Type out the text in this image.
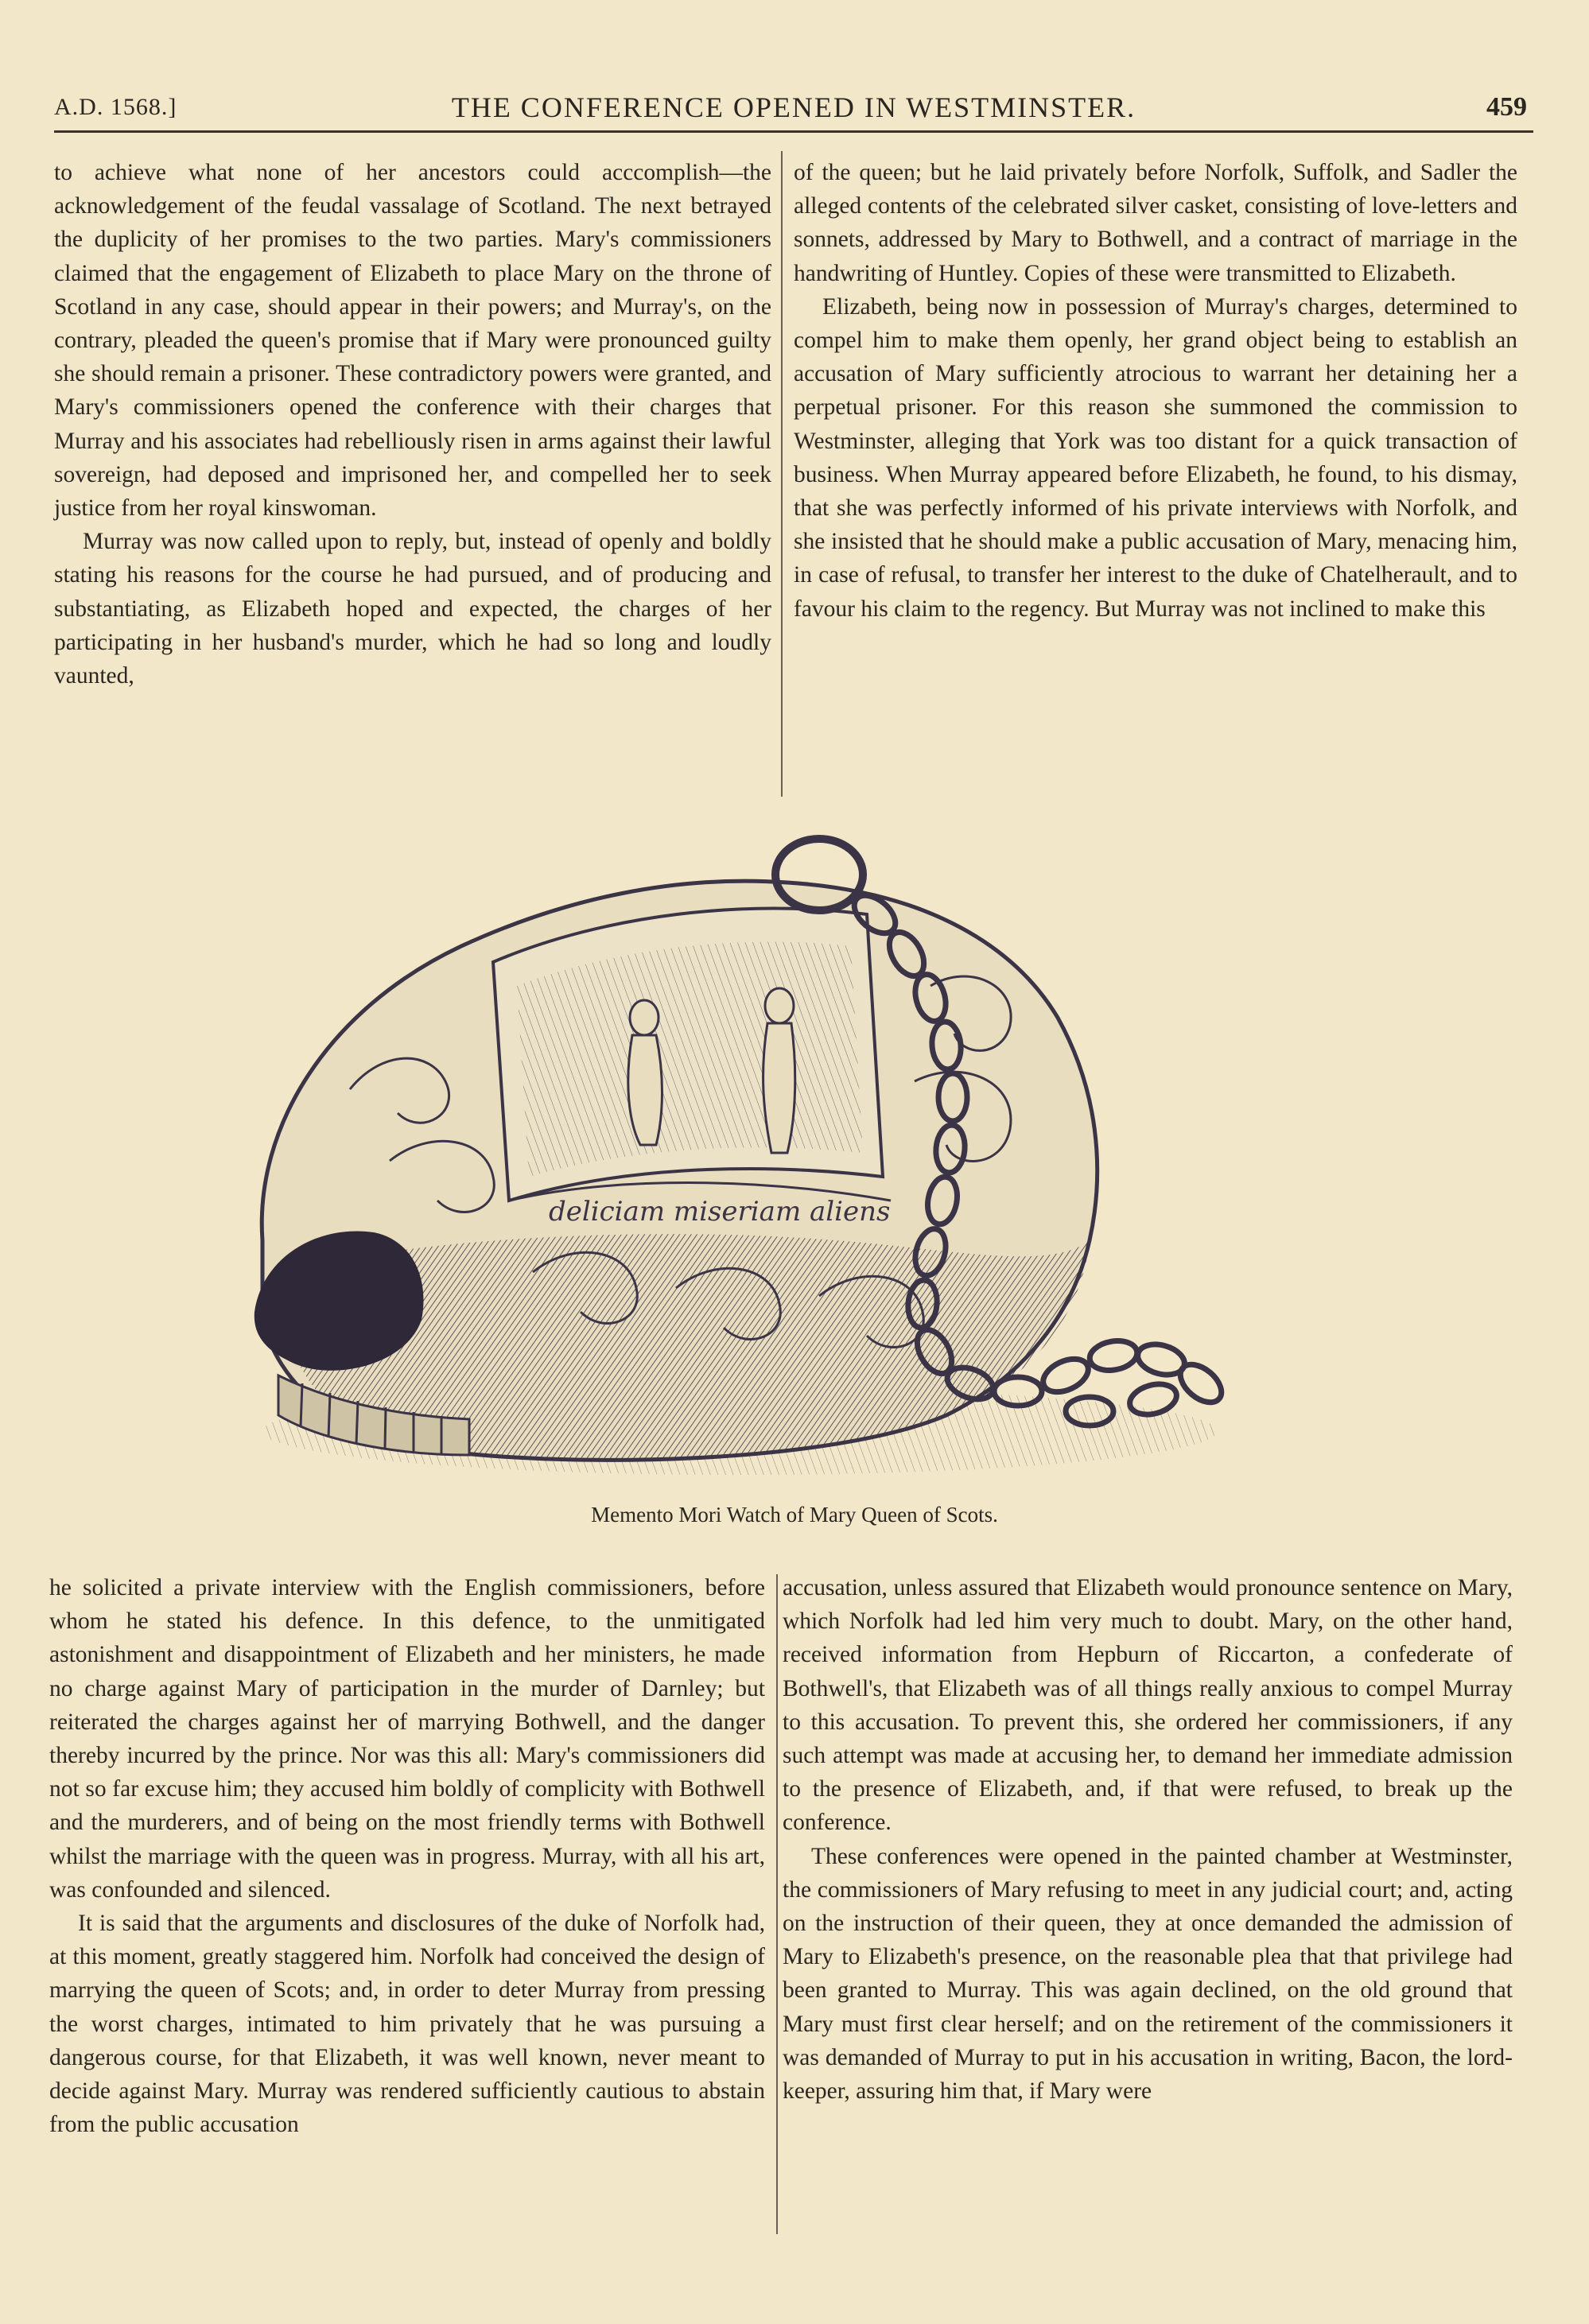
A.D. 1568.]	THE CONFERENCE OPENED IN WESTMINSTER.	459

to achieve what none of her ancestors could acccomplish—the acknowledgement of the feudal vassalage of Scotland. The next betrayed the duplicity of her promises to the two parties. Mary's commissioners claimed that the engagement of Elizabeth to place Mary on the throne of Scotland in any case, should appear in their powers; and Murray's, on the contrary, pleaded the queen's promise that if Mary were pronounced guilty she should remain a prisoner. These contradictory powers were granted, and Mary's commissioners opened the conference with their charges that Murray and his associates had rebelliously risen in arms against their lawful sovereign, had deposed and imprisoned her, and compelled her to seek justice from her royal kinswoman.

Murray was now called upon to reply, but, instead of openly and boldly stating his reasons for the course he had pursued, and of producing and substantiating, as Elizabeth hoped and expected, the charges of her participating in her husband's murder, which he had so long and loudly vaunted,

of the queen; but he laid privately before Norfolk, Suffolk, and Sadler the alleged contents of the celebrated silver casket, consisting of love-letters and sonnets, addressed by Mary to Bothwell, and a contract of marriage in the handwriting of Huntley. Copies of these were transmitted to Elizabeth.

Elizabeth, being now in possession of Murray's charges, determined to compel him to make them openly, her grand object being to establish an accusation of Mary sufficiently atrocious to warrant her detaining her a perpetual prisoner. For this reason she summoned the commission to Westminster, alleging that York was too distant for a quick transaction of business. When Murray appeared before Elizabeth, he found, to his dismay, that she was perfectly informed of his private interviews with Norfolk, and she insisted that he should make a public accusation of Mary, menacing him, in case of refusal, to transfer her interest to the duke of Chatelherault, and to favour his claim to the regency. But Murray was not inclined to make this

deliciam miseriam aliens
Memento Mori Watch of Mary Queen of Scots.

he solicited a private interview with the English commissioners, before whom he stated his defence. In this defence, to the unmitigated astonishment and disappointment of Elizabeth and her ministers, he made no charge against Mary of participation in the murder of Darnley; but reiterated the charges against her of marrying Bothwell, and the danger thereby incurred by the prince. Nor was this all: Mary's commissioners did not so far excuse him; they accused him boldly of complicity with Bothwell and the murderers, and of being on the most friendly terms with Bothwell whilst the marriage with the queen was in progress. Murray, with all his art, was confounded and silenced.

It is said that the arguments and disclosures of the duke of Norfolk had, at this moment, greatly staggered him. Norfolk had conceived the design of marrying the queen of Scots; and, in order to deter Murray from pressing the worst charges, intimated to him privately that he was pursuing a dangerous course, for that Elizabeth, it was well known, never meant to decide against Mary. Murray was rendered sufficiently cautious to abstain from the public accusation

accusation, unless assured that Elizabeth would pronounce sentence on Mary, which Norfolk had led him very much to doubt. Mary, on the other hand, received information from Hepburn of Riccarton, a confederate of Bothwell's, that Elizabeth was of all things really anxious to compel Murray to this accusation. To prevent this, she ordered her commissioners, if any such attempt was made at accusing her, to demand her immediate admission to the presence of Elizabeth, and, if that were refused, to break up the conference.

These conferences were opened in the painted chamber at Westminster, the commissioners of Mary refusing to meet in any judicial court; and, acting on the instruction of their queen, they at once demanded the admission of Mary to Elizabeth's presence, on the reasonable plea that that privilege had been granted to Murray. This was again declined, on the old ground that Mary must first clear herself; and on the retirement of the commissioners it was demanded of Murray to put in his accusation in writing, Bacon, the lord-keeper, assuring him that, if Mary were
